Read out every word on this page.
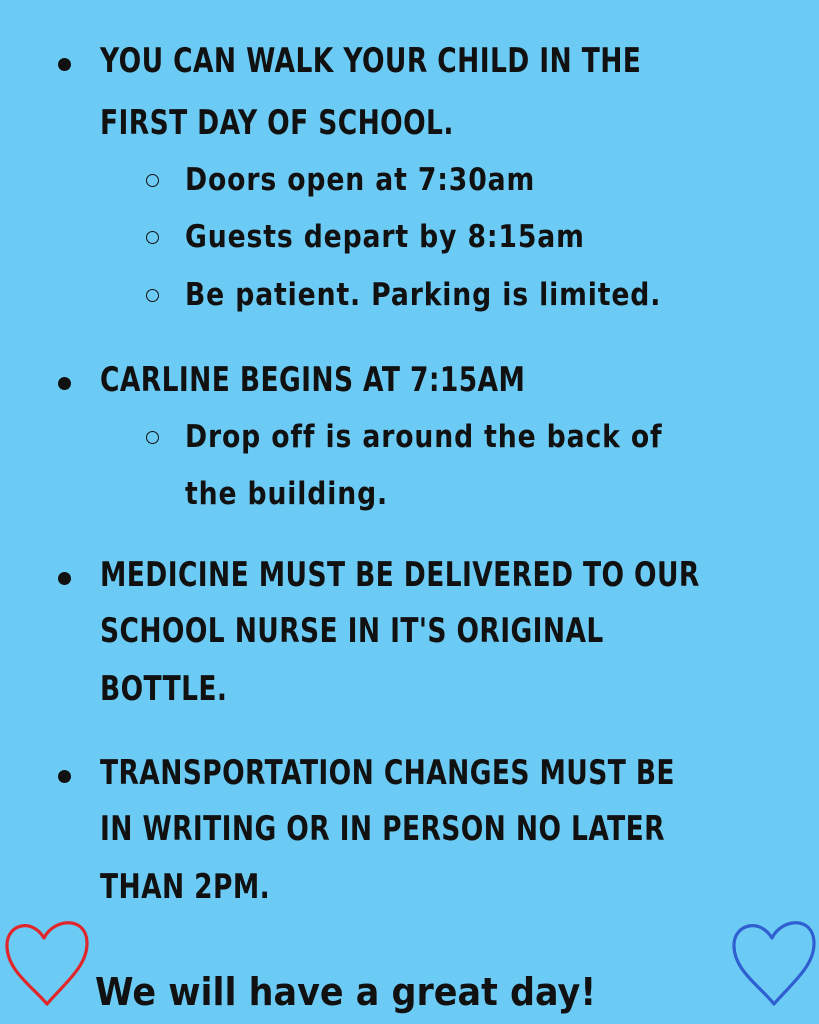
YOU CAN WALK YOUR CHILD IN THE

FIRST DAY OF SCHOOL.

Doors open at 7:30am

Guests depart by 8:15am

Be patient. Parking is limited.

CARLINE BEGINS AT 7:15AM

Drop off is around the back of

the building.

MEDICINE MUST BE DELIVERED TO OUR

SCHOOL NURSE IN IT'S ORIGINAL

BOTTLE.

TRANSPORTATION CHANGES MUST BE

IN WRITING OR IN PERSON NO LATER

THAN 2PM.

We will have a great day!
